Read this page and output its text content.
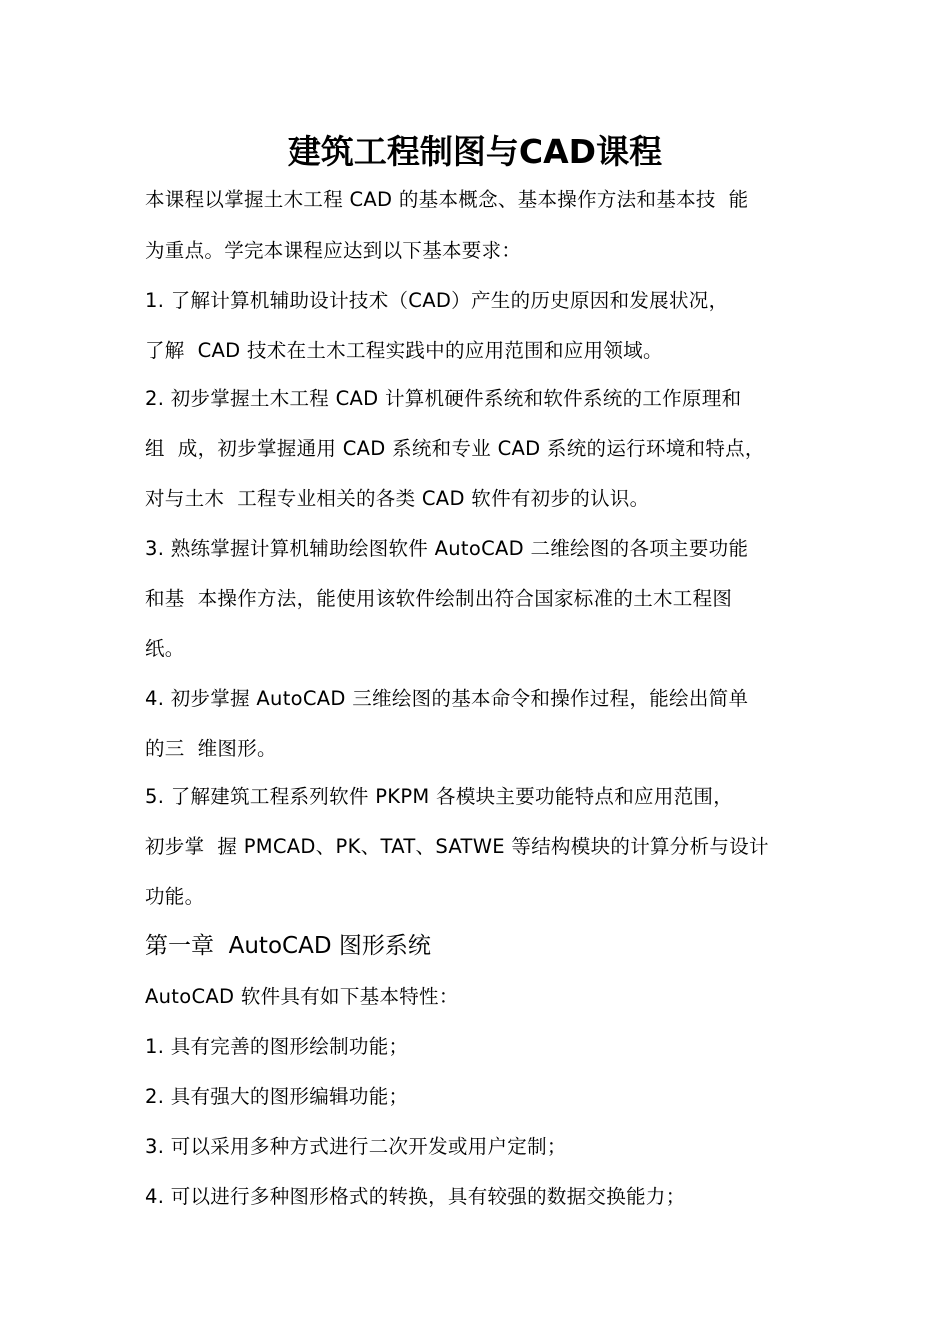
建筑工程制图与CAD课程
本课程以掌握土木工程 CAD 的基本概念、基本操作方法和基本技  能
为重点。学完本课程应达到以下基本要求：
1. 了解计算机辅助设计技术（CAD）产生的历史原因和发展状况，
了解  CAD 技术在土木工程实践中的应用范围和应用领域。
2. 初步掌握土木工程 CAD 计算机硬件系统和软件系统的工作原理和
组  成，初步掌握通用 CAD 系统和专业 CAD 系统的运行环境和特点，
对与土木  工程专业相关的各类 CAD 软件有初步的认识。
3. 熟练掌握计算机辅助绘图软件 AutoCAD 二维绘图的各项主要功能
和基  本操作方法，能使用该软件绘制出符合国家标准的土木工程图
纸。
4. 初步掌握 AutoCAD 三维绘图的基本命令和操作过程，能绘出简单
的三  维图形。
5. 了解建筑工程系列软件 PKPM 各模块主要功能特点和应用范围，
初步掌  握 PMCAD、PK、TAT、SATWE 等结构模块的计算分析与设计
功能。
第一章  AutoCAD 图形系统
AutoCAD 软件具有如下基本特性：
1. 具有完善的图形绘制功能；
2. 具有强大的图形编辑功能；
3. 可以采用多种方式进行二次开发或用户定制；
4. 可以进行多种图形格式的转换，具有较强的数据交换能力；
